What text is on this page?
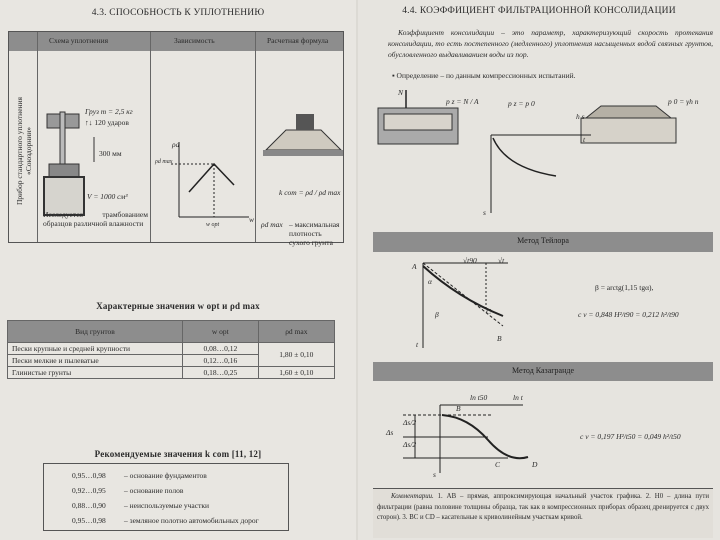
4.3. СПОСОБНОСТЬ К УПЛОТНЕНИЮ
Схема уплотнения	Зависимость	Расчетная формула
Прибор стандартного уплотнения «Союздорнии»
Груз m = 2,5 кг
↑↓ 120 ударов
300 мм
V = 1000 см³
Исследуется трамбованием образцов различной влажности
ρd
ρd max
w opt
w
k com = ρd / ρd max
ρd max – максимальная плотность сухого грунта
Характерные значения w opt и ρd max
Вид грунтов	w opt	ρd max
Пески крупные и средней крупности	0,08…0,12	1,80 ± 0,10
Пески мелкие и пылеватые	0,12…0,16	
Глинистые грунты	0,18…0,25	1,60 ± 0,10
Рекомендуемые значения k com [11, 12]
0,95…0,98 – основание фундаментов
0,92…0,95 – основание полов
0,88…0,90 – неиспользуемые участки
0,95…0,98 – земляное полотно автомобильных дорог
4.4. КОЭФФИЦИЕНТ ФИЛЬТРАЦИОННОЙ КОНСОЛИДАЦИИ
Коэффициент консолидации – это параметр, характеризующий скорость протекания консолидации, то есть постепенного (медленного) уплотнения насыщенных водой связных грунтов, обусловленного выдавливанием воды из пор.
▪ Определение – по данным компрессионных испытаний.
N
p z = N / A	p z = p 0	p 0 = γh n
h s
t
s
Метод Тейлора
√t90	√t
A
α
β	C
B
t
β = arctg(1,15 tgα),
c v = 0,848 H²/t90 = 0,212 h²/t90
Метод Казагранде
ln t50	ln t
Δs/2
Δs/2
Δs
B
C	D
s
c v = 0,197 H²/t50 = 0,049 h²/t50
Комментарии. 1. AB – прямая, аппроксимирующая начальный участок графика. 2. H0 – длина пути фильтрации (равна половине толщины образца, так как в компрессионных приборах образец дренируется с двух сторон). 3. BC и CD – касательные к криволинейным участкам кривой.
